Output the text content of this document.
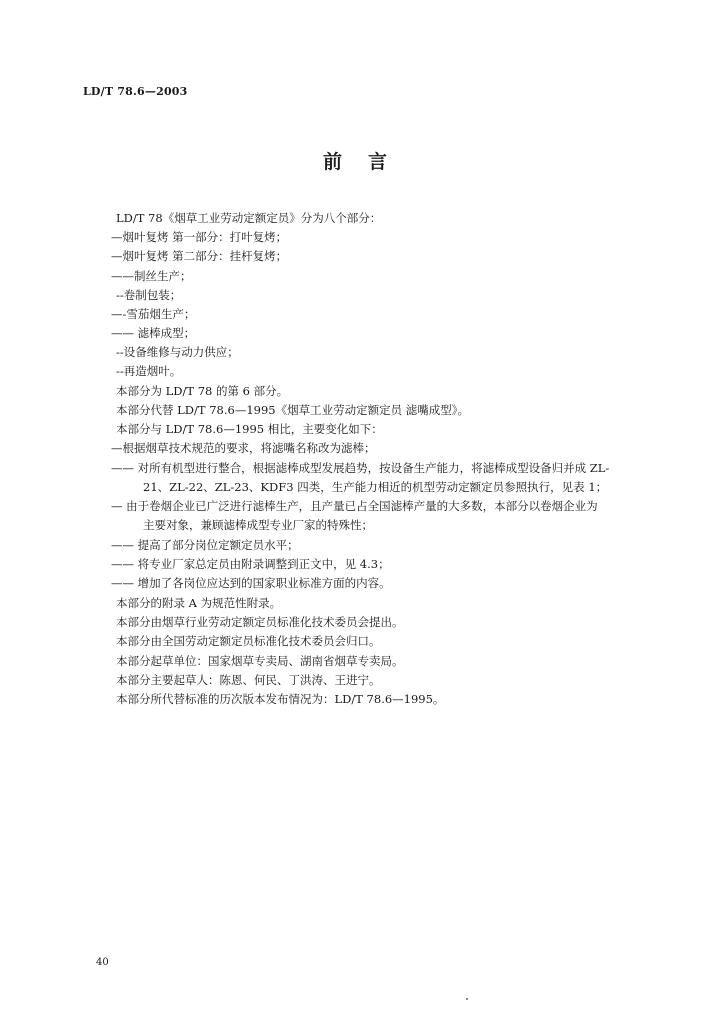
LD/T 78.6—2003
前言
LD/T 78《烟草工业劳动定额定员》分为八个部分：
—烟叶复烤 第一部分：打叶复烤；
—烟叶复烤 第二部分：挂杆复烤；
——制丝生产；
--卷制包装；
—-雪茄烟生产；
—— 滤棒成型；
--设备维修与动力供应；
--再造烟叶。
本部分为 LD/T 78 的第 6 部分。
本部分代替 LD/T 78.6—1995《烟草工业劳动定额定员 滤嘴成型》。
本部分与 LD/T 78.6—1995 相比，主要变化如下：
—根据烟草技术规范的要求，将滤嘴名称改为滤棒；
—— 对所有机型进行整合，根据滤棒成型发展趋势，按设备生产能力，将滤棒成型设备归并成 ZL-
21、ZL-22、ZL-23、KDF3 四类，生产能力相近的机型劳动定额定员参照执行，见表 1；
— 由于卷烟企业已广泛进行滤棒生产，且产量已占全国滤棒产量的大多数，本部分以卷烟企业为
主要对象，兼顾滤棒成型专业厂家的特殊性；
—— 提高了部分岗位定额定员水平；
—— 将专业厂家总定员由附录调整到正文中，见 4.3；
—— 增加了各岗位应达到的国家职业标准方面的内容。
本部分的附录 A 为规范性附录。
本部分由烟草行业劳动定额定员标准化技术委员会提出。
本部分由全国劳动定额定员标准化技术委员会归口。
本部分起草单位：国家烟草专卖局、湖南省烟草专卖局。
本部分主要起草人：陈恩、何民、丁洪涛、王进宁。
本部分所代替标准的历次版本发布情况为：LD/T 78.6—1995。
40
